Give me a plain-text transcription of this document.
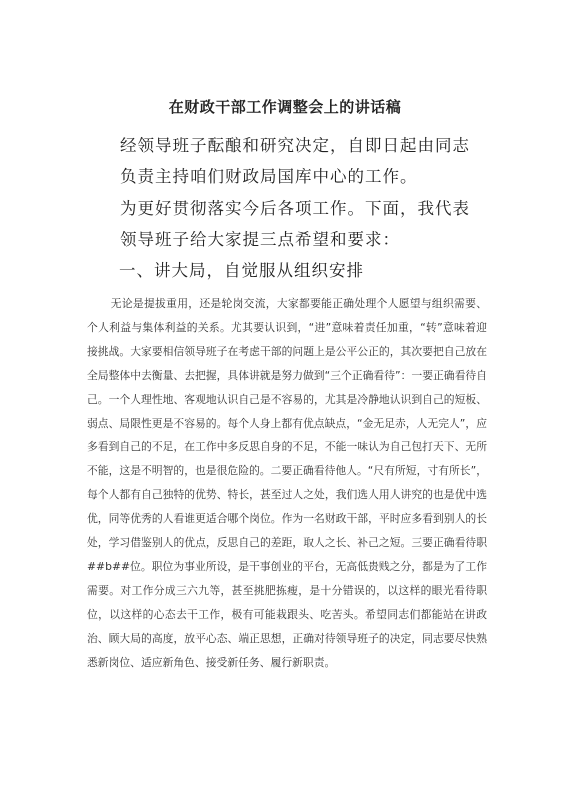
在财政干部工作调整会上的讲话稿
经领导班子酝酿和研究决定，自即日起由同志负责主持咱们财政局国库中心的工作。
为更好贯彻落实今后各项工作。下面，我代表领导班子给大家提三点希望和要求：
一、讲大局，自觉服从组织安排
无论是提拔重用，还是轮岗交流，大家都要能正确处理个人愿望与组织需要、个人利益与集体利益的关系。尤其要认识到，“进”意味着责任加重，“转”意味着迎接挑战。大家要相信领导班子在考虑干部的问题上是公平公正的，其次要把自己放在全局整体中去衡量、去把握，具体讲就是努力做到“三个正确看待”：一要正确看待自己。一个人理性地、客观地认识自己是不容易的，尤其是冷静地认识到自己的短板、弱点、局限性更是不容易的。每个人身上都有优点缺点，“金无足赤，人无完人”，应多看到自己的不足，在工作中多反思自身的不足，不能一味认为自己包打天下、无所不能，这是不明智的，也是很危险的。二要正确看待他人。“尺有所短，寸有所长”，每个人都有自己独特的优势、特长，甚至过人之处，我们选人用人讲究的也是优中选优，同等优秀的人看谁更适合哪个岗位。作为一名财政干部，平时应多看到别人的长处，学习借鉴别人的优点，反思自己的差距，取人之长、补己之短。三要正确看待职##b##位。职位为事业所设，是干事创业的平台，无高低贵贱之分，都是为了工作需要。对工作分成三六九等，甚至挑肥拣瘦，是十分错误的，以这样的眼光看待职位，以这样的心态去干工作，极有可能栽跟头、吃苦头。希望同志们都能站在讲政治、顾大局的高度，放平心态、端正思想，正确对待领导班子的决定，同志要尽快熟悉新岗位、适应新角色、接受新任务、履行新职责。
